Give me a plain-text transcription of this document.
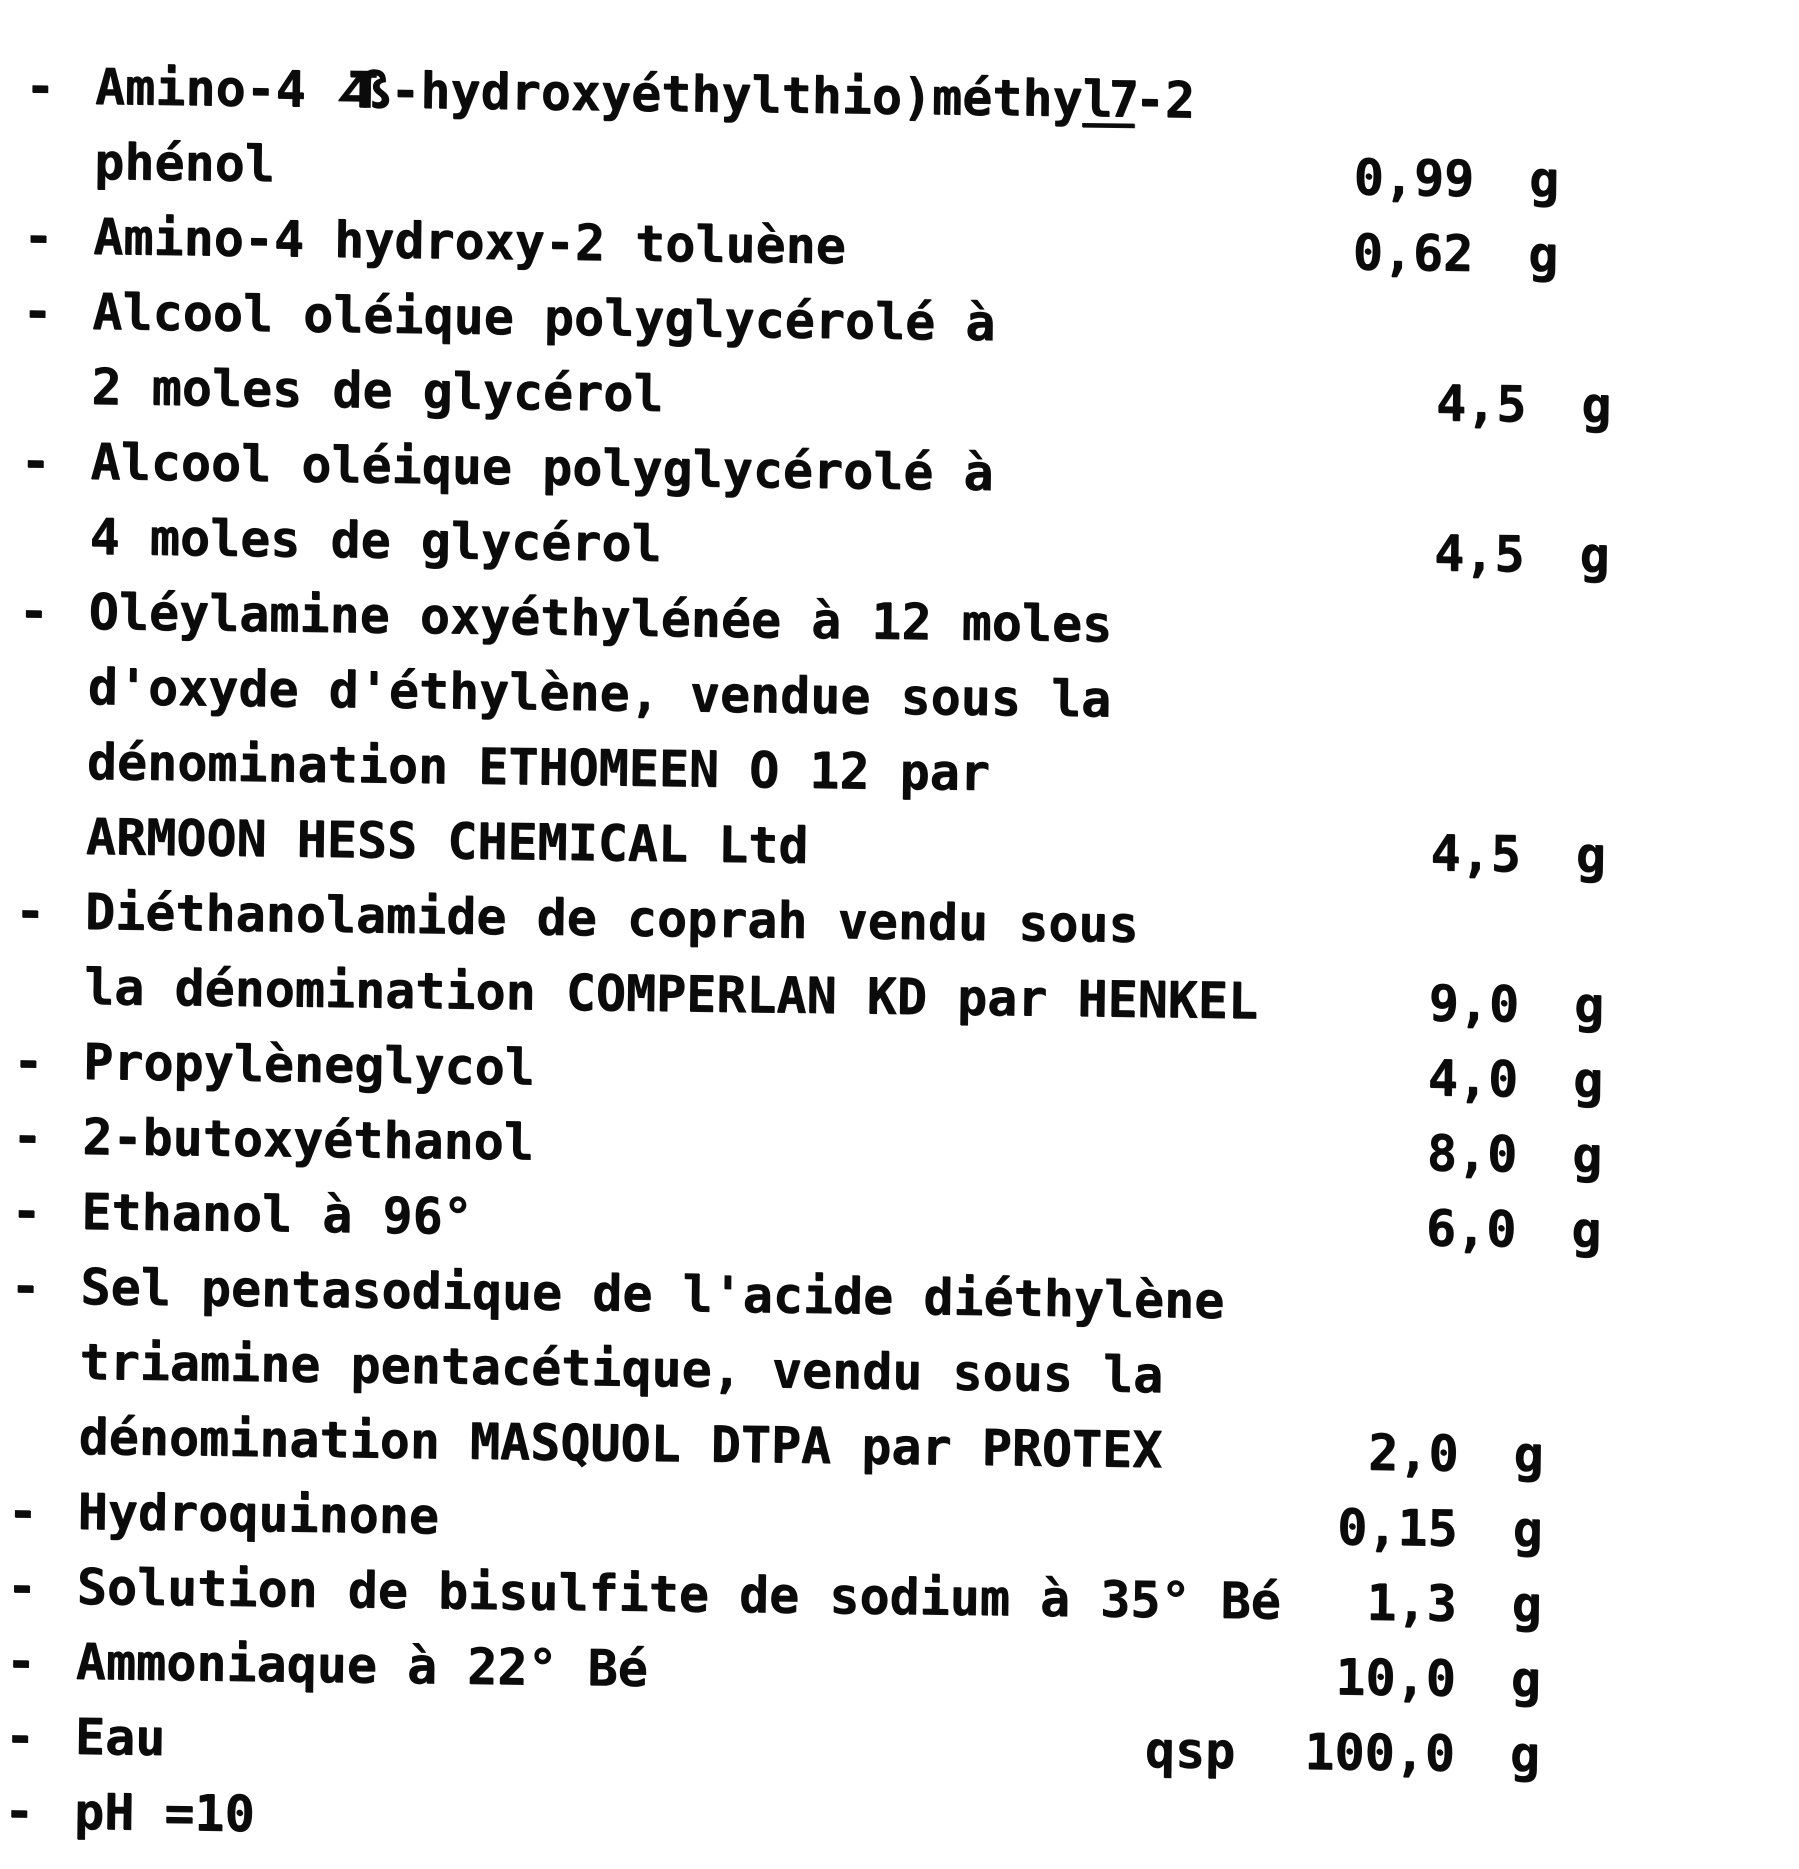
- Amino-4 ∠Tß-hydroxyéthylthio)méthyl7-2
phénol	0,99	g
- Amino-4 hydroxy-2 toluène	0,62	g
- Alcool oléique polyglycérolé à
2 moles de glycérol	4,5	g
- Alcool oléique polyglycérolé à
4 moles de glycérol	4,5	g
- Oléylamine oxyéthylénée à 12 moles
d'oxyde d'éthylène, vendue sous la
dénomination ETHOMEEN O 12 par
ARMOON HESS CHEMICAL Ltd	4,5	g
- Diéthanolamide de coprah vendu sous
la dénomination COMPERLAN KD par HENKEL	9,0	g
- Propylèneglycol	4,0	g
- 2-butoxyéthanol	8,0	g
- Ethanol à 96°	6,0	g
- Sel pentasodique de l'acide diéthylène
triamine pentacétique, vendu sous la
dénomination MASQUOL DTPA par PROTEX	2,0	g
- Hydroquinone	0,15	g
- Solution de bisulfite de sodium à 35° Bé	1,3	g
- Ammoniaque à 22° Bé	10,0	g
- Eau	qsp	100,0	g
- pH =10
